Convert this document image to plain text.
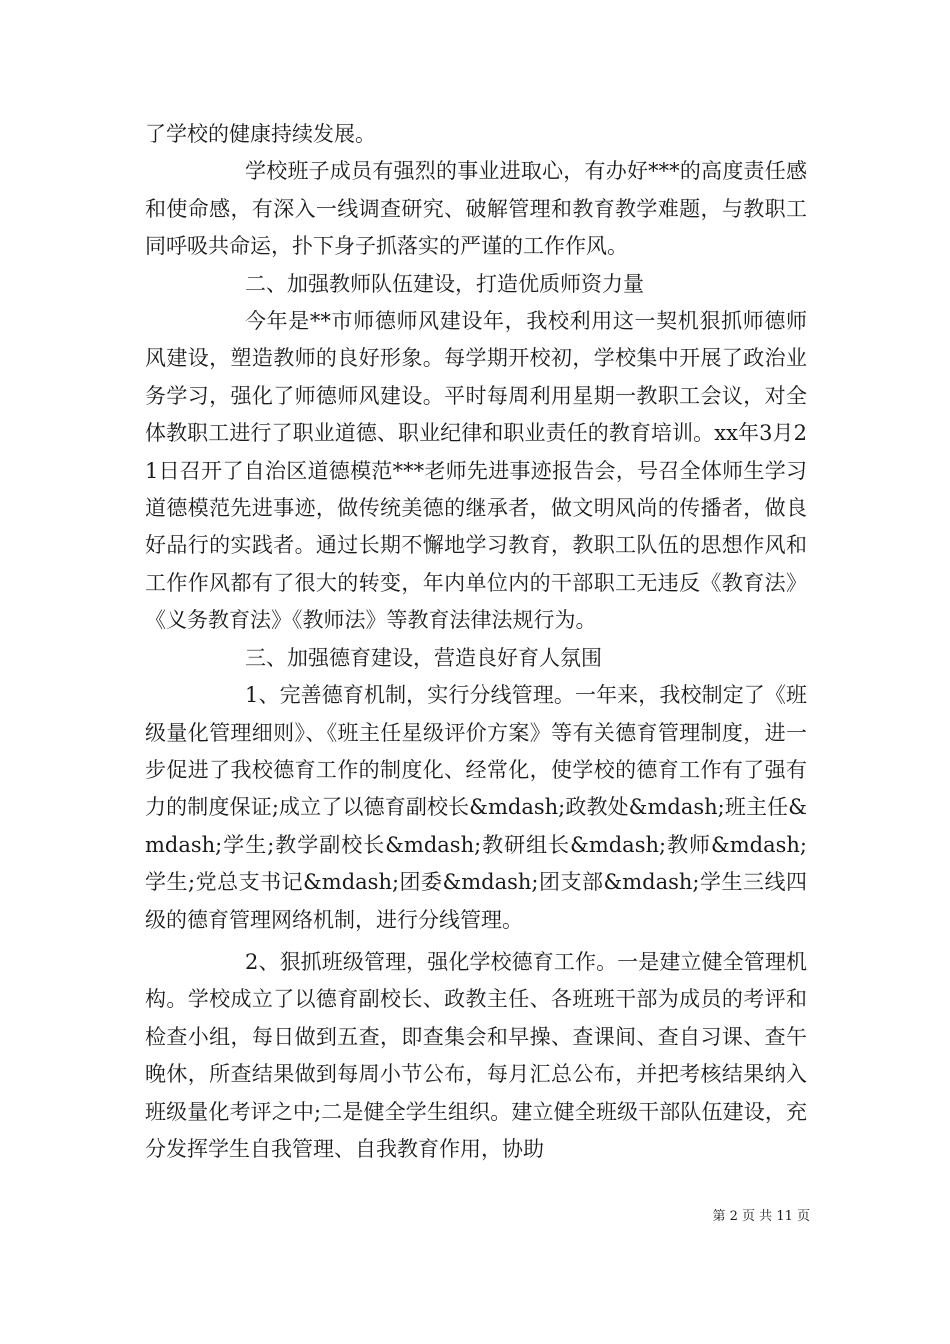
了学校的健康持续发展。

学校班子成员有强烈的事业进取心，有办好***的高度责任感和使命感，有深入一线调查研究、破解管理和教育教学难题，与教职工同呼吸共命运，扑下身子抓落实的严谨的工作作风。

二、加强教师队伍建设，打造优质师资力量

今年是**市师德师风建设年，我校利用这一契机狠抓师德师风建设，塑造教师的良好形象。每学期开校初，学校集中开展了政治业务学习，强化了师德师风建设。平时每周利用星期一教职工会议，对全体教职工进行了职业道德、职业纪律和职业责任的教育培训。xx年3月21日召开了自治区道德模范***老师先进事迹报告会，号召全体师生学习道德模范先进事迹，做传统美德的继承者，做文明风尚的传播者，做良好品行的实践者。通过长期不懈地学习教育，教职工队伍的思想作风和工作作风都有了很大的转变，年内单位内的干部职工无违反《教育法》《义务教育法》《教师法》等教育法律法规行为。

三、加强德育建设，营造良好育人氛围

1、完善德育机制，实行分线管理。一年来，我校制定了《班级量化管理细则》、《班主任星级评价方案》等有关德育管理制度，进一步促进了我校德育工作的制度化、经常化，使学校的德育工作有了强有力的制度保证;成立了以德育副校长&mdash;政教处&mdash;班主任&mdash;学生;教学副校长&mdash;教研组长&mdash;教师&mdash;学生;党总支书记&mdash;团委&mdash;团支部&mdash;学生三线四级的德育管理网络机制，进行分线管理。

2、狠抓班级管理，强化学校德育工作。一是建立健全管理机构。学校成立了以德育副校长、政教主任、各班班干部为成员的考评和检查小组，每日做到五查，即查集会和早操、查课间、查自习课、查午晚休，所查结果做到每周小节公布，每月汇总公布，并把考核结果纳入班级量化考评之中;二是健全学生组织。建立健全班级干部队伍建设，充分发挥学生自我管理、自我教育作用，协助

第 2 页 共 11 页
